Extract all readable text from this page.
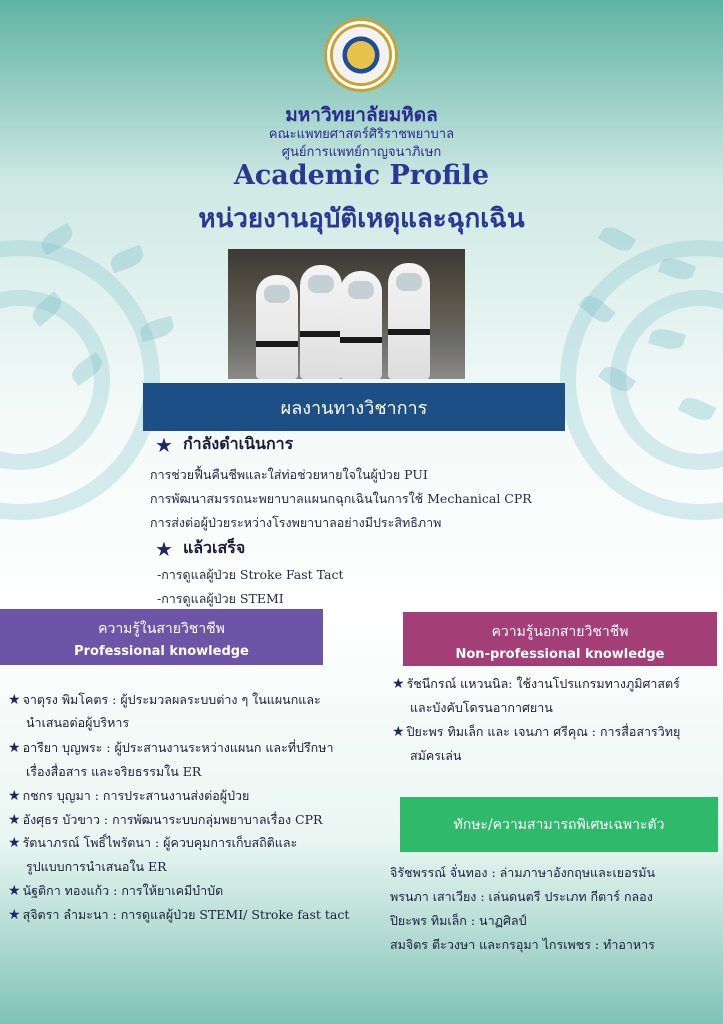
มหาวิทยาลัยมหิดล
คณะแพทยศาสตร์ศิริราชพยาบาล
ศูนย์การแพทย์กาญจนาภิเษก
Academic Profile
หน่วยงานอุบัติเหตุและฉุกเฉิน
ผลงานทางวิชาการ
★ กำลังดำเนินการ
การช่วยฟื้นคืนชีพและใส่ท่อช่วยหายใจในผู้ป่วย PUI
การพัฒนาสมรรถนะพยาบาลแผนกฉุกเฉินในการใช้ Mechanical CPR
การส่งต่อผู้ป่วยระหว่างโรงพยาบาลอย่างมีประสิทธิภาพ
★ แล้วเสร็จ
-การดูแลผู้ป่วย Stroke Fast Tact
-การดูแลผู้ป่วย STEMI
ความรู้ในสายวิชาชีพ
Professional knowledge
ความรู้นอกสายวิชาชีพ
Non-professional knowledge
★ จาตุรง พิมโคตร : ผู้ประมวลผลระบบต่าง ๆ ในแผนกและ
นำเสนอต่อผู้บริหาร
★ อารียา บุญพระ : ผู้ประสานงานระหว่างแผนก และที่ปรึกษา
เรื่องสื่อสาร และจริยธรรมใน ER
★ กชกร บุญมา : การประสานงานส่งต่อผู้ป่วย
★ อังศุธร บัวขาว : การพัฒนาระบบกลุ่มพยาบาลเรื่อง CPR
★ รัตนาภรณ์ โพธิ์ไพรัตนา : ผู้ควบคุมการเก็บสถิติและ
รูปแบบการนำเสนอใน ER
★ นัฐติกา ทองแก้ว : การให้ยาเคมีบำบัด
★ สุจิตรา ลำมะนา : การดูแลผู้ป่วย STEMI/ Stroke fast tact
★ รัชนีกรณ์ แหวนนิล: ใช้งานโปรแกรมทางภูมิศาสตร์
และบังคับโดรนอากาศยาน
★ ปิยะพร ทิมเล็ก และ เจนภา ศรีคุณ : การสื่อสารวิทยุ
สมัครเล่น
ทักษะ/ความสามารถพิเศษเฉพาะตัว
จิรัชพรรณ์ จั่นทอง : ล่ามภาษาอังกฤษและเยอรมัน
พรนภา เสาเวียง : เล่นดนตรี ประเภท กีตาร์ กลอง
ปิยะพร ทิมเล็ก : นาฏศิลป์
สมจิตร ตีะวงษา และกรอุมา ไกรเพชร : ทำอาหาร
